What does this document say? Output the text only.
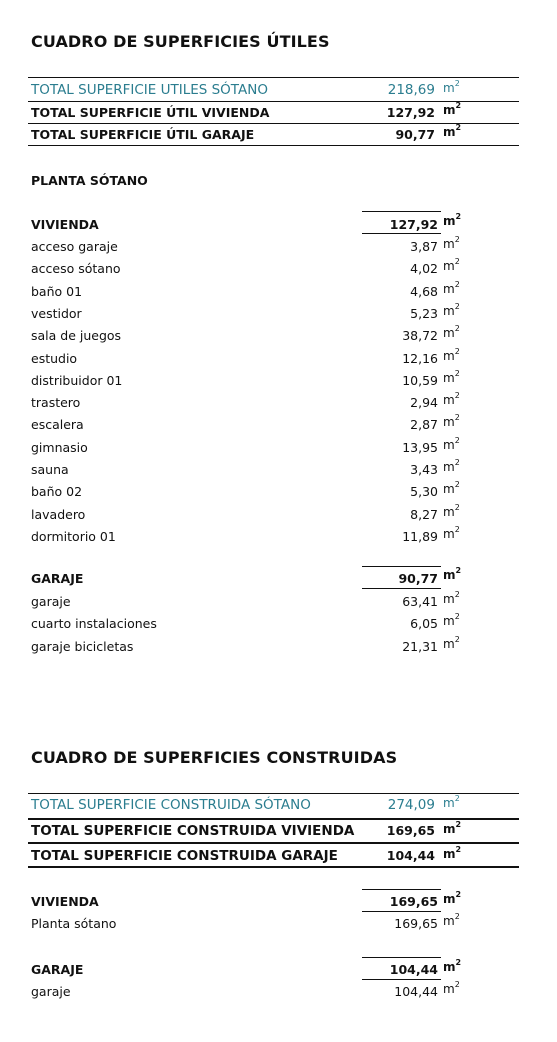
CUADRO DE SUPERFICIES ÚTILES
TOTAL SUPERFICIE UTILES SÓTANO	218,69 $m^2$
TOTAL SUPERFICIE ÚTIL VIVIENDA	127,92 $m^2$
TOTAL SUPERFICIE ÚTIL GARAJE	90,77 $m^2$
PLANTA SÓTANO
VIVIENDA	127,92 $m^2$
acceso garaje	3,87 $m^2$
acceso sótano	4,02 $m^2$
baño 01	4,68 $m^2$
vestidor	5,23 $m^2$
sala de juegos	38,72 $m^2$
estudio	12,16 $m^2$
distribuidor 01	10,59 $m^2$
trastero	2,94 $m^2$
escalera	2,87 $m^2$
gimnasio	13,95 $m^2$
sauna	3,43 $m^2$
baño 02	5,30 $m^2$
lavadero	8,27 $m^2$
dormitorio 01	11,89 $m^2$
GARAJE	90,77 $m^2$
garaje	63,41 $m^2$
cuarto instalaciones	6,05 $m^2$
garaje bicicletas	21,31 $m^2$
CUADRO DE SUPERFICIES CONSTRUIDAS
TOTAL SUPERFICIE CONSTRUIDA SÓTANO	274,09 $m^2$
TOTAL SUPERFICIE CONSTRUIDA VIVIENDA	169,65 $m^2$
TOTAL SUPERFICIE CONSTRUIDA GARAJE	104,44 $m^2$
VIVIENDA	169,65 $m^2$
Planta sótano	169,65 $m^2$
GARAJE	104,44 $m^2$
garaje	104,44 $m^2$
